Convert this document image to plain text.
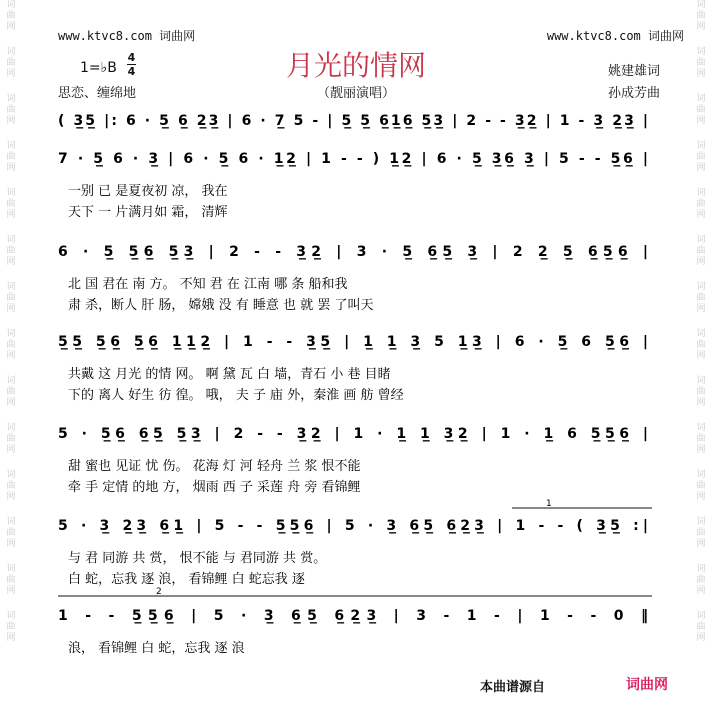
词
曲
网
词
曲
网
词
曲
网
词
曲
网
词
曲
网
词
曲
网
词
曲
网
词
曲
网
词
曲
网
词
曲
网
词
曲
网
词
曲
网
词
曲
网
词
曲
网
词
曲
网
词
曲
网
词
曲
网
词
曲
网
词
曲
网
词
曲
网
词
曲
网
词
曲
网
词
曲
网
词
曲
网
词
曲
网
词
曲
网
词
曲
网
词
曲
网
www.ktvc8.com 词曲网	www.ktvc8.com 词曲网
月光的情网
（靓丽演唱）
1=♭B
4
4
思恋、缠绵地
姚建雄词
孙成芳曲
( 3̲5̲ |: 6 · 5̲ 6̲ 2̲3̲ | 6 · 7̲ 5 - | 5̲ 5̲ 6̲1̲6̲ 5̲3̲ | 2 - - 3̲2̲ | 1 - 3̲ 2̲3̲ |
7 · 5̲ 6 · 3̲ | 6 · 5̲ 6 · 1̲2̲ | 1 - - ) 1̲2̲ | 6 · 5̲ 3̲6̲ 3̲ | 5 - - 5̲6̲ |
一别 已 是夏夜初 凉， 我在
天下 一 片满月如 霜， 清辉
6 · 5̲ 5̲6̲ 5̲3̲ | 2 - - 3̲2̲ | 3 · 5̲ 6̲5̲ 3̲ | 2 2̲ 5̲ 6̲5̲6̲ |
北 国 君在 南 方。 不知 君 在 江南 哪 条 船和我
肃 杀，断人 肝 肠， 嫦娥 没 有 睡意 也 就 罢 了叫天
5̲5̲ 5̲6̲ 5̲6̲ 1̲1̲2̲ | 1 - - 3̲5̲ | 1̲ 1̲ 3̲ 5 1̲3̲ | 6 · 5̲ 6 5̲6̲ |
共戴 这 月光 的情 网。 啊 黛 瓦 白 墙，青石 小 巷 目睹
下的 离人 好生 彷 徨。 哦， 夫 子 庙 外，秦淮 画 舫 曾经
5 · 5̲6̲ 6̲5̲ 5̲3̲ | 2 - - 3̲2̲ | 1 · 1̲ 1̲ 3̲2̲ | 1 · 1̲ 6 5̲5̲6̲ |
甜 蜜也 见证 忧 伤。 花海 灯 河 轻舟 兰 浆 恨不能
牵 手 定情 的地 方， 烟雨 西 子 采莲 舟 旁 看锦鲤
5 · 3̲ 2̲3̲ 6̲1̲ | 5 - - 5̲5̲6̲ | 5 · 3̲ 6̲5̲ 6̲2̲3̲ | 1 - - ( 3̲5̲ :|
与 君 同游 共 赏， 恨不能 与 君同游 共 赏。
白 蛇，忘我 逐 浪， 看锦鲤 白 蛇忘我 逐
1
1 - - 5̲5̲6̲ | 5 · 3̲ 6̲5̲ 6̲2̲3̲ | 3 - 1 - | 1 - - 0 ‖
浪， 看锦鲤 白 蛇，忘我 逐 浪
2
本曲谱源自	词曲网
